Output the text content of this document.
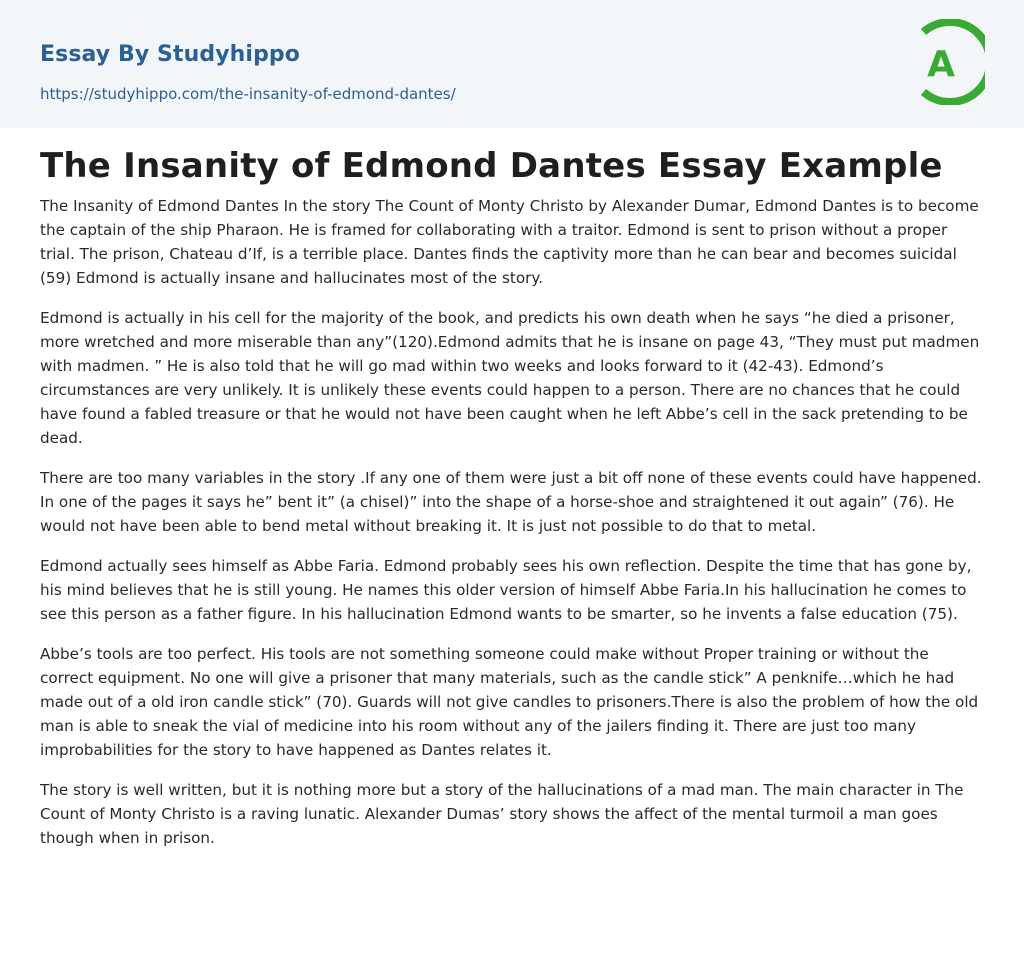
Essay By Studyhippo
https://studyhippo.com/the-insanity-of-edmond-dantes/
A
The Insanity of Edmond Dantes Essay Example

The Insanity of Edmond Dantes In the story The Count of Monty Christo by Alexander Dumar, Edmond Dantes is to become the captain of the ship Pharaon. He is framed for collaborating with a traitor. Edmond is sent to prison without a proper trial. The prison, Chateau d’If, is a terrible place. Dantes finds the captivity more than he can bear and becomes suicidal (59) Edmond is actually insane and hallucinates most of the story.

Edmond is actually in his cell for the majority of the book, and predicts his own death when he says “he died a prisoner, more wretched and more miserable than any”(120).Edmond admits that he is insane on page 43, “They must put madmen with madmen. ” He is also told that he will go mad within two weeks and looks forward to it (42-43). Edmond’s circumstances are very unlikely. It is unlikely these events could happen to a person. There are no chances that he could have found a fabled treasure or that he would not have been caught when he left Abbe’s cell in the sack pretending to be dead.

There are too many variables in the story .If any one of them were just a bit off none of these events could have happened. In one of the pages it says he” bent it” (a chisel)” into the shape of a horse-shoe and straightened it out again” (76). He would not have been able to bend metal without breaking it. It is just not possible to do that to metal.

Edmond actually sees himself as Abbe Faria. Edmond probably sees his own reflection. Despite the time that has gone by, his mind believes that he is still young. He names this older version of himself Abbe Faria.In his hallucination he comes to see this person as a father figure. In his hallucination Edmond wants to be smarter, so he invents a false education (75).

Abbe’s tools are too perfect. His tools are not something someone could make without Proper training or without the correct equipment. No one will give a prisoner that many materials, such as the candle stick” A penknife…which he had made out of a old iron candle stick” (70). Guards will not give candles to prisoners.There is also the problem of how the old man is able to sneak the vial of medicine into his room without any of the jailers finding it. There are just too many improbabilities for the story to have happened as Dantes relates it.

The story is well written, but it is nothing more but a story of the hallucinations of a mad man. The main character in The Count of Monty Christo is a raving lunatic. Alexander Dumas’ story shows the affect of the mental turmoil a man goes though when in prison.
